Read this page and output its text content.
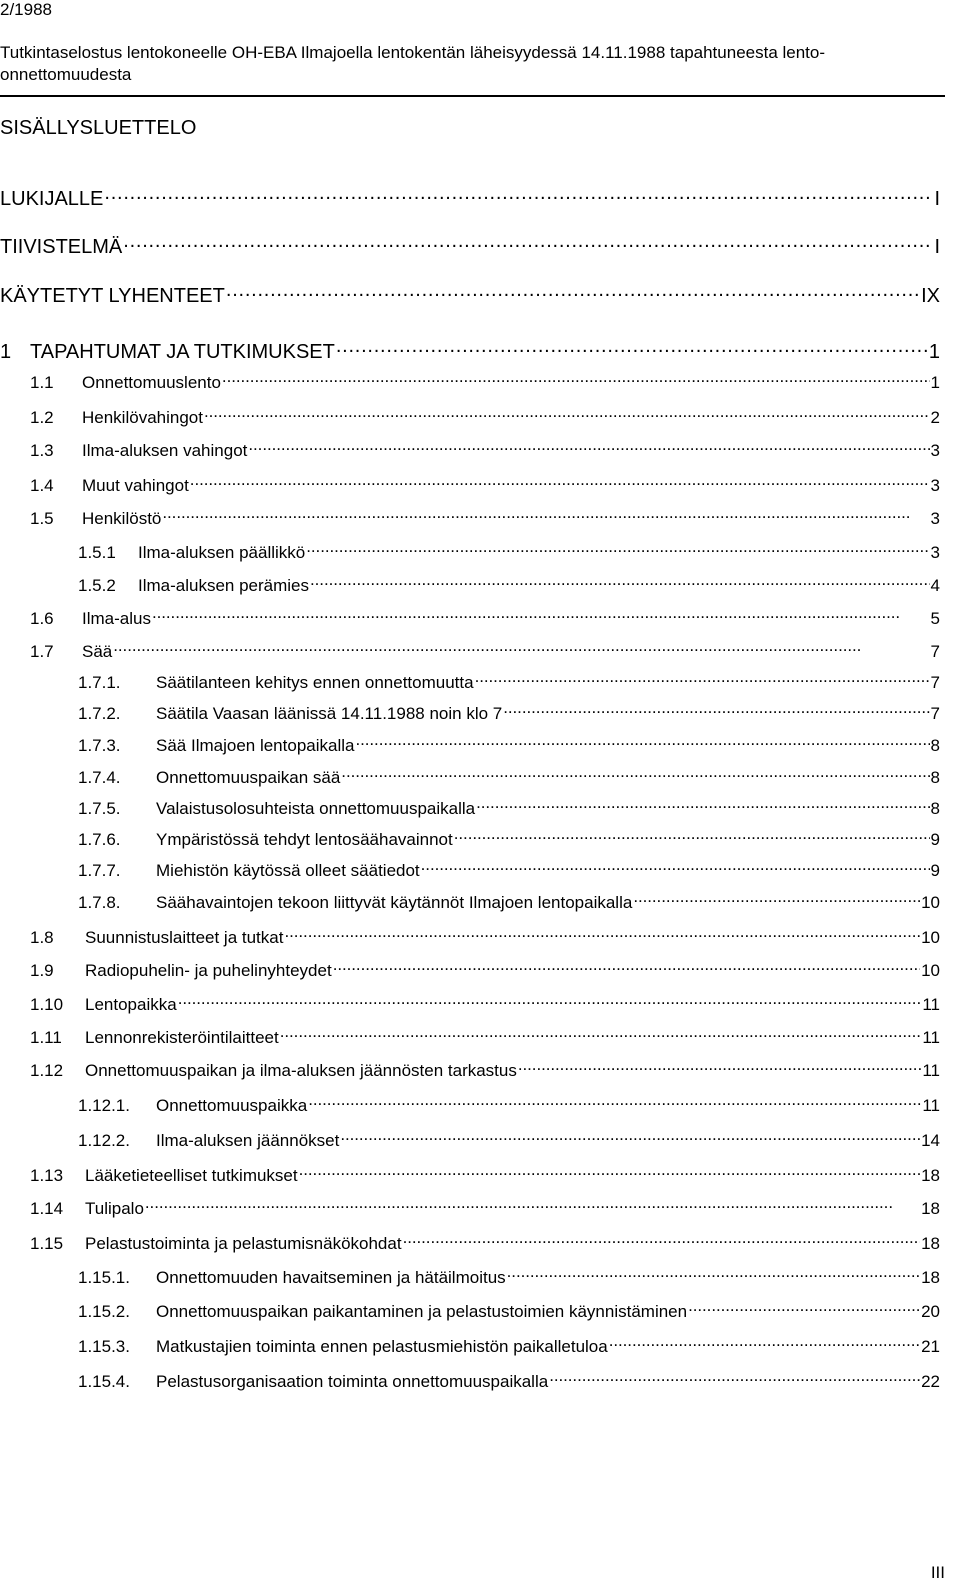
2/1988
Tutkintaselostus lentokoneelle OH-EBA Ilmajoella lentokentän läheisyydessä 14.11.1988 tapahtuneesta lento-onnettomuudesta
SISÄLLYSLUETTELO
LUKIJALLE . . .	I
TIIVISTELMÄ . . .	I
KÄYTETYT LYHENTEET . . .	IX
1 TAPAHTUMAT JA TUTKIMUKSET . . .	1
1.1	Onnettomuuslento . . .	1
1.2	Henkilövahingot . . .	2
1.3	Ilma-aluksen vahingot . . .	3
1.4	Muut vahingot . . .	3
1.5	Henkilöstö . . .	3
1.5.1	Ilma-aluksen päällikkö . . .	3
1.5.2	Ilma-aluksen perämies . . .	4
1.6	Ilma-alus . . .	5
1.7	Sää . . .	7
1.7.1.	Säätilanteen kehitys ennen onnettomuutta . . .	7
1.7.2.	Säätila Vaasan läänissä 14.11.1988 noin klo 7 . . .	7
1.7.3.	Sää Ilmajoen lentopaikalla . . .	8
1.7.4.	Onnettomuuspaikan sää . . .	8
1.7.5.	Valaistusolosuhteista onnettomuuspaikalla . . .	8
1.7.6.	Ympäristössä tehdyt lentosäähavainnot . . .	9
1.7.7.	Miehistön käytössä olleet säätiedot . . .	9
1.7.8.	Säähavaintojen tekoon liittyvät käytännöt Ilmajoen lentopaikalla . . .	10
1.8	Suunnistuslaitteet ja tutkat . . .	10
1.9	Radiopuhelin- ja puhelinyhteydet . . .	10
1.10	Lentopaikka . . .	11
1.11	Lennonrekisteröintilaitteet . . .	11
1.12	Onnettomuuspaikan ja ilma-aluksen jäännösten tarkastus . . .	11
1.12.1.	Onnettomuuspaikka . . .	11
1.12.2.	Ilma-aluksen jäännökset . . .	14
1.13	Lääketieteelliset tutkimukset . . .	18
1.14	Tulipalo . . .	18
1.15	Pelastustoiminta ja pelastumisnäkökohdat . . .	18
1.15.1.	Onnettomuuden havaitseminen ja hätäilmoitus . . .	18
1.15.2.	Onnettomuuspaikan paikantaminen ja pelastustoimien käynnistäminen . . .	20
1.15.3.	Matkustajien toiminta ennen pelastusmiehistön paikalletuloa . . .	21
1.15.4.	Pelastusorganisaation toiminta onnettomuuspaikalla . . .	22
III
